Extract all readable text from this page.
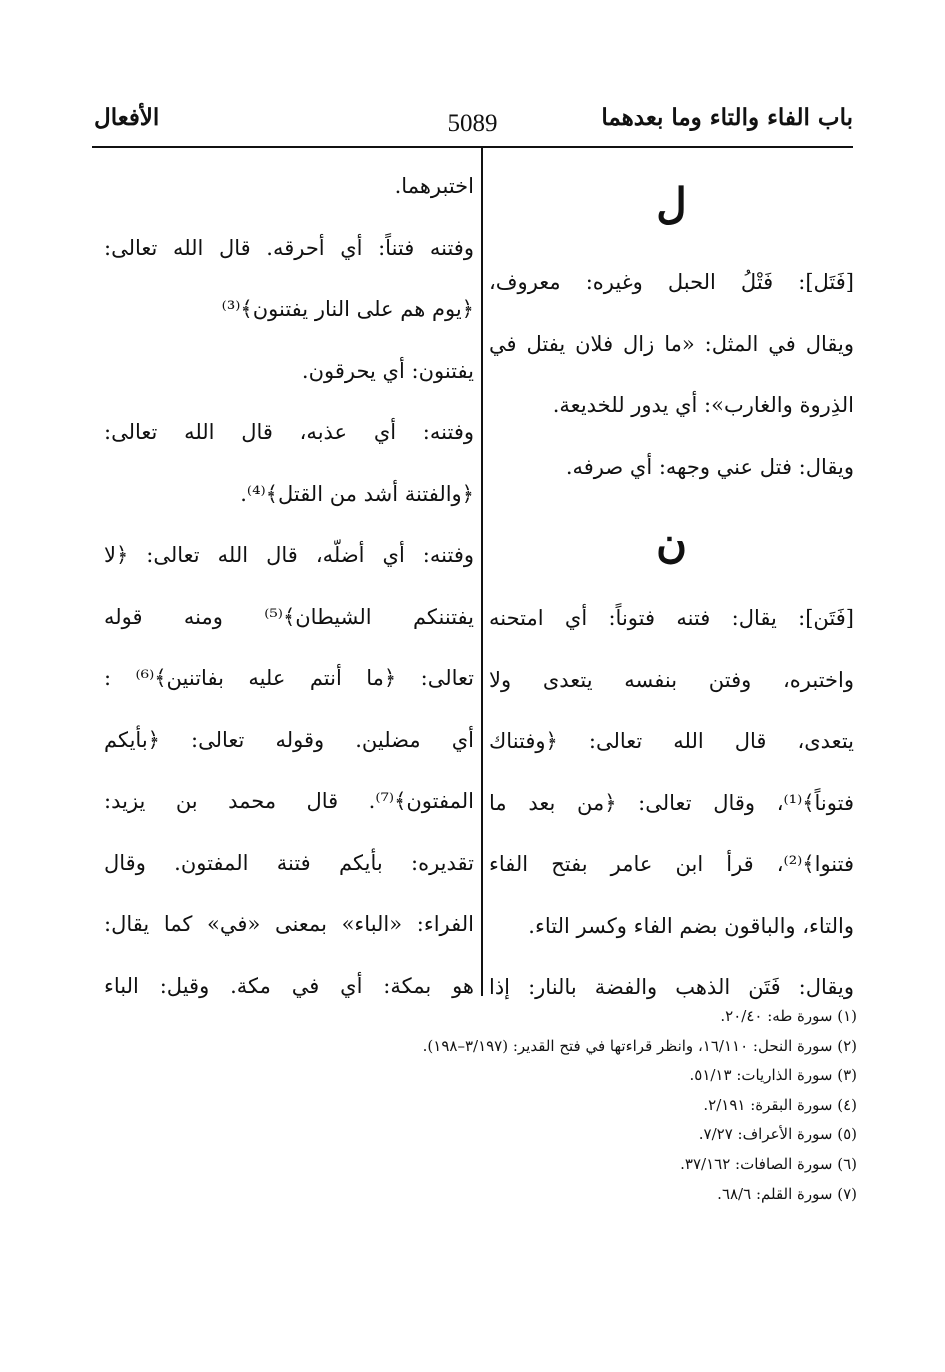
باب الفاء والتاء وما بعدهما
5089
الأفعال
ل
[فَتَل]: فَتْلُ الحبل وغيره: معروف،
ويقال في المثل: «ما زال فلان يفتل في
الذِروة والغارب»: أي يدور للخديعة.
ويقال: فتل عني وجهه: أي صرفه.
ن
[فَتَن]: يقال: فتنه فتوناً: أي امتحنه
واختبره، وفتن بنفسه يتعدى ولا
يتعدى، قال الله تعالى: ﴿وفتناك
فتوناً﴾⁽¹⁾، وقال تعالى: ﴿من بعد ما
فتنوا﴾⁽²⁾، قرأ ابن عامر بفتح الفاء
والتاء، والباقون بضم الفاء وكسر التاء.
ويقال: فَتَن الذهب والفضة بالنار: إذا
اختبرهما.
وفتنه فتناً: أي أحرقه. قال الله تعالى:
﴿يوم هم على النار يفتنون﴾⁽³⁾
يفتنون: أي يحرقون.
وفتنه: أي عذبه، قال الله تعالى:
﴿والفتنة أشد من القتل﴾⁽⁴⁾.
وفتنه: أي أضلّه، قال الله تعالى: ﴿لا
يفتننكم الشيطان﴾⁽⁵⁾ ومنه قوله
تعالى: ﴿ما أنتم عليه بفاتنين﴾⁽⁶⁾ :
أي مضلين. وقوله تعالى: ﴿بأيكم
المفتون﴾⁽⁷⁾. قال محمد بن يزيد:
تقديره: بأيكم فتنة المفتون. وقال
الفراء: «الباء» بمعنى «في» كما يقال:
هو بمكة: أي في مكة. وقيل: الباء
(١) سورة طه: ٢٠/٤٠.
(٢) سورة النحل: ١٦/١١٠، وانظر قراءتها في فتح القدير: (٣/١٩٧–١٩٨).
(٣) سورة الذاريات: ٥١/١٣.
(٤) سورة البقرة: ٢/١٩١.
(٥) سورة الأعراف: ٧/٢٧.
(٦) سورة الصافات: ٣٧/١٦٢.
(٧) سورة القلم: ٦٨/٦.
